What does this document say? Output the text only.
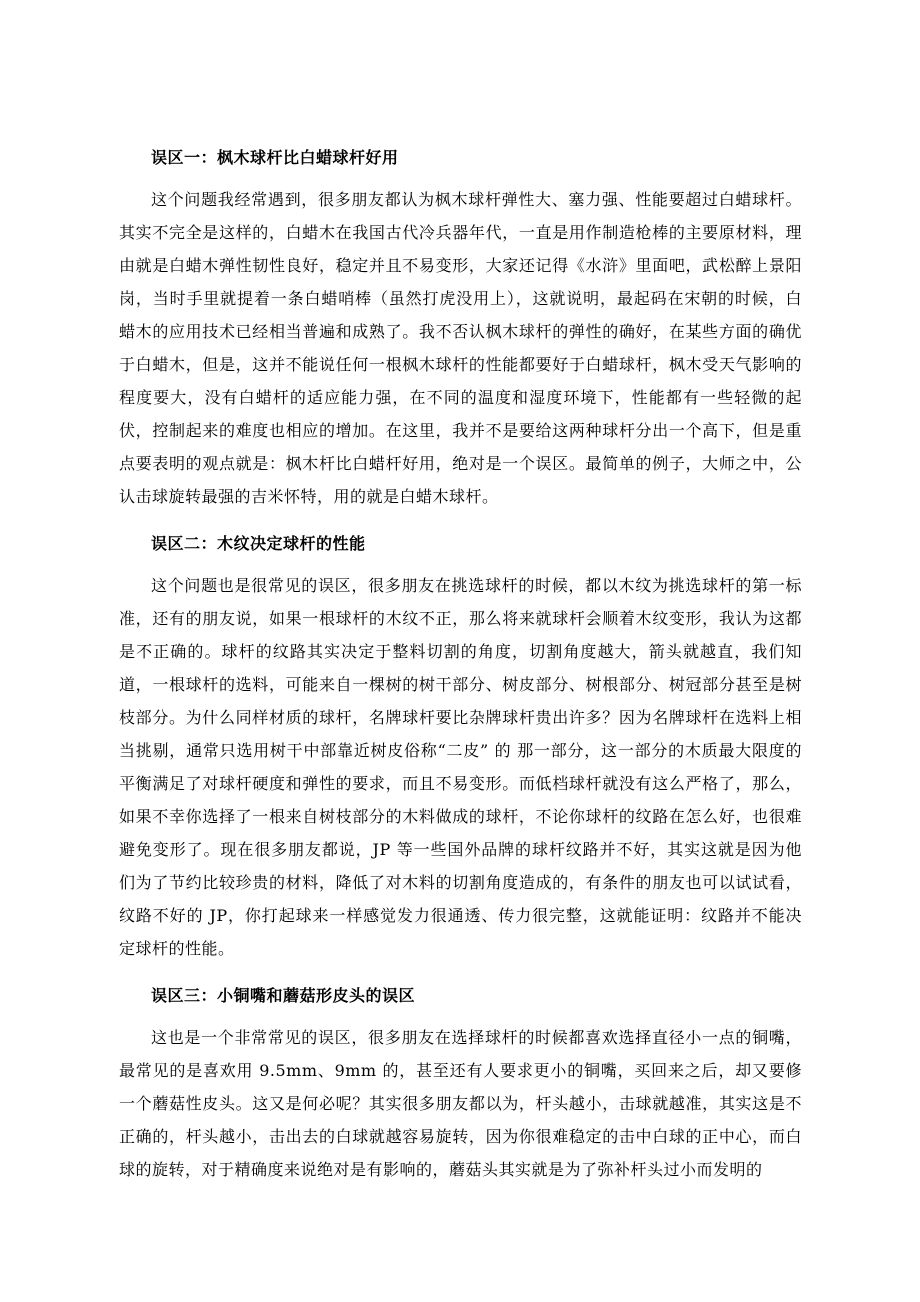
误区一：枫木球杆比白蜡球杆好用

这个问题我经常遇到，很多朋友都认为枫木球杆弹性大、塞力强、性能要超过白蜡球杆。其实不完全是这样的，白蜡木在我国古代冷兵器年代，一直是用作制造枪棒的主要原材料，理由就是白蜡木弹性韧性良好，稳定并且不易变形，大家还记得《水浒》里面吧，武松醉上景阳岗，当时手里就提着一条白蜡哨棒（虽然打虎没用上），这就说明，最起码在宋朝的时候，白蜡木的应用技术已经相当普遍和成熟了。我不否认枫木球杆的弹性的确好，在某些方面的确优于白蜡木，但是，这并不能说任何一根枫木球杆的性能都要好于白蜡球杆，枫木受天气影响的程度要大，没有白蜡杆的适应能力强，在不同的温度和湿度环境下，性能都有一些轻微的起伏，控制起来的难度也相应的增加。在这里，我并不是要给这两种球杆分出一个高下，但是重点要表明的观点就是：枫木杆比白蜡杆好用，绝对是一个误区。最简单的例子，大师之中，公认击球旋转最强的吉米怀特，用的就是白蜡木球杆。

误区二：木纹决定球杆的性能

这个问题也是很常见的误区，很多朋友在挑选球杆的时候，都以木纹为挑选球杆的第一标准，还有的朋友说，如果一根球杆的木纹不正，那么将来就球杆会顺着木纹变形，我认为这都是不正确的。球杆的纹路其实决定于整料切割的角度，切割角度越大，箭头就越直，我们知道，一根球杆的选料，可能来自一棵树的树干部分、树皮部分、树根部分、树冠部分甚至是树枝部分。为什么同样材质的球杆，名牌球杆要比杂牌球杆贵出许多？因为名牌球杆在选料上相当挑剔，通常只选用树干中部靠近树皮俗称“二皮” 的 那一部分，这一部分的木质最大限度的平衡满足了对球杆硬度和弹性的要求，而且不易变形。而低档球杆就没有这么严格了，那么，如果不幸你选择了一根来自树枝部分的木料做成的球杆，不论你球杆的纹路在怎么好，也很难避免变形了。现在很多朋友都说，JP 等一些国外品牌的球杆纹路并不好，其实这就是因为他们为了节约比较珍贵的材料，降低了对木料的切割角度造成的，有条件的朋友也可以试试看，纹路不好的 JP，你打起球来一样感觉发力很通透、传力很完整，这就能证明：纹路并不能决定球杆的性能。

误区三：小铜嘴和蘑菇形皮头的误区

这也是一个非常常见的误区，很多朋友在选择球杆的时候都喜欢选择直径小一点的铜嘴，最常见的是喜欢用 9.5mm、9mm 的，甚至还有人要求更小的铜嘴，买回来之后，却又要修一个蘑菇性皮头。这又是何必呢？其实很多朋友都以为，杆头越小，击球就越准，其实这是不正确的，杆头越小，击出去的白球就越容易旋转，因为你很难稳定的击中白球的正中心，而白球的旋转，对于精确度来说绝对是有影响的，蘑菇头其实就是为了弥补杆头过小而发明的
